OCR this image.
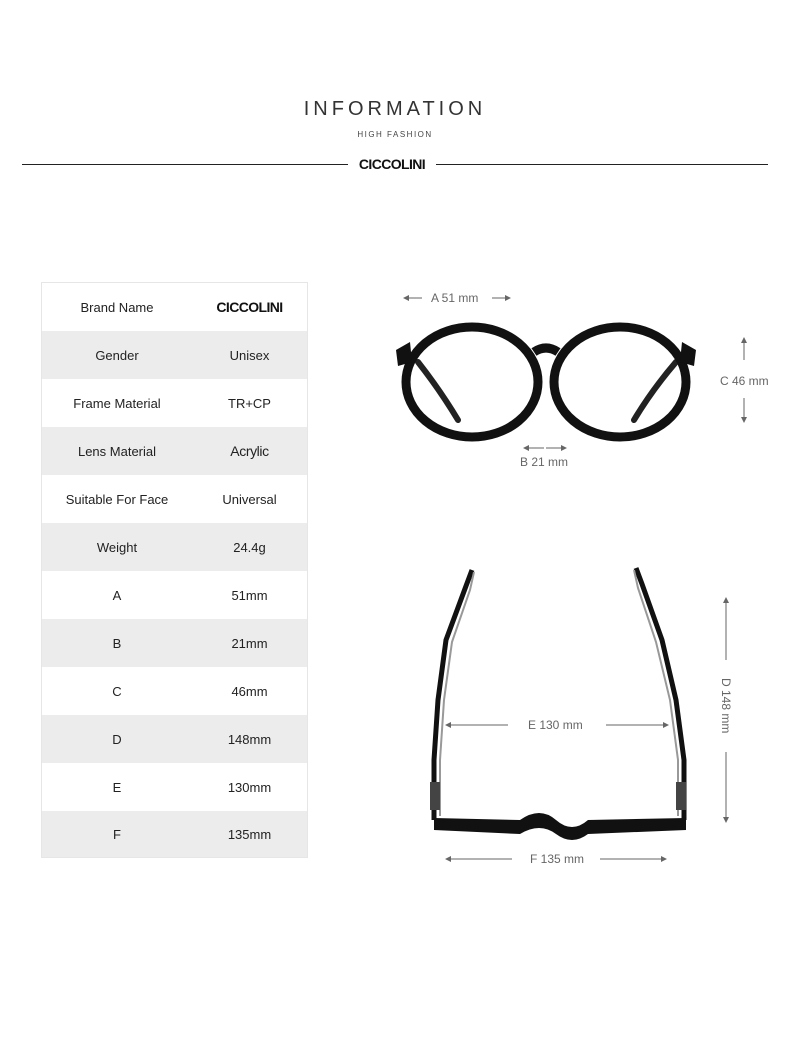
INFORMATION
HIGH FASHION
CICCOLINI
Brand Name	CICCOLINI
Gender	Unisex
Frame Material	TR+CP
Lens Material	Acrylic
Suitable For Face	Universal
Weight	24.4g
A	51mm
B	21mm
C	46mm
D	148mm
E	130mm
F	135mm
A 51 mm
B 21 mm
C 46 mm
D 148 mm
E 130 mm
F 135 mm
